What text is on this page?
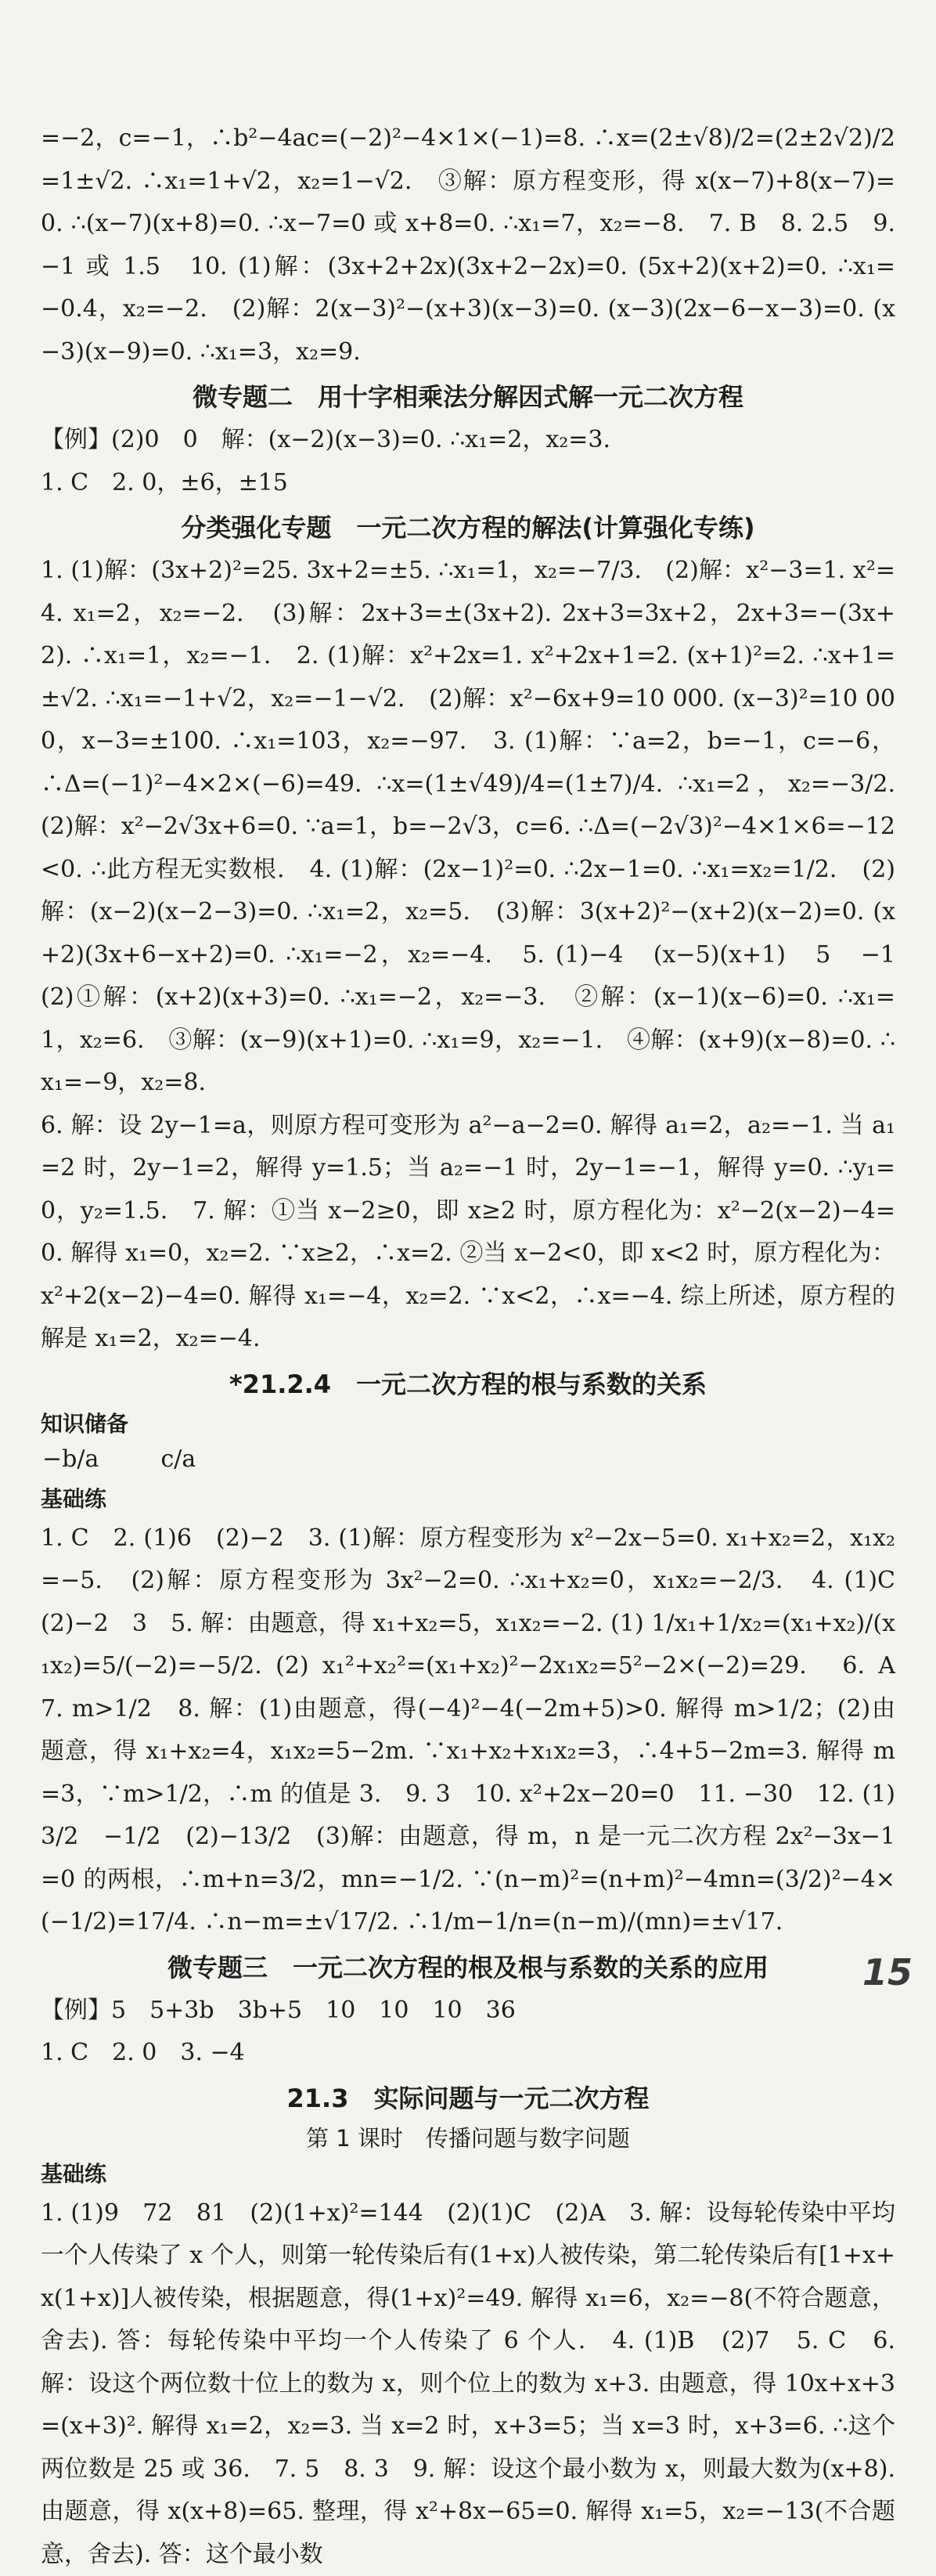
=−2，c=−1，∴b²−4ac=(−2)²−4×1×(−1)=8. ∴x=(2±√8)/2=(2±2√2)/2=1±√2. ∴x₁=1+√2，x₂=1−√2.　③解：原方程变形，得 x(x−7)+8(x−7)=0. ∴(x−7)(x+8)=0. ∴x−7=0 或 x+8=0. ∴x₁=7，x₂=−8.　7. B　8. 2.5　9. −1 或 1.5　10. (1)解：(3x+2+2x)(3x+2−2x)=0. (5x+2)(x+2)=0. ∴x₁=−0.4，x₂=−2.　(2)解：2(x−3)²−(x+3)(x−3)=0. (x−3)(2x−6−x−3)=0. (x−3)(x−9)=0. ∴x₁=3，x₂=9.

微专题二　用十字相乘法分解因式解一元二次方程

【例】(2)0　0　解：(x−2)(x−3)=0. ∴x₁=2，x₂=3.

1. C　2. 0，±6，±15

分类强化专题　一元二次方程的解法(计算强化专练)

1. (1)解：(3x+2)²=25. 3x+2=±5. ∴x₁=1，x₂=−7/3.　(2)解：x²−3=1. x²=4. x₁=2，x₂=−2.　(3)解：2x+3=±(3x+2). 2x+3=3x+2，2x+3=−(3x+2). ∴x₁=1，x₂=−1.　2. (1)解：x²+2x=1. x²+2x+1=2. (x+1)²=2. ∴x+1=±√2. ∴x₁=−1+√2，x₂=−1−√2.　(2)解：x²−6x+9=10 000. (x−3)²=10 000，x−3=±100. ∴x₁=103，x₂=−97.　3. (1)解：∵a=2，b=−1，c=−6，∴Δ=(−1)²−4×2×(−6)=49. ∴x=(1±√49)/4=(1±7)/4. ∴x₁=2，x₂=−3/2.　(2)解：x²−2√3x+6=0. ∵a=1，b=−2√3，c=6. ∴Δ=(−2√3)²−4×1×6=−12<0. ∴此方程无实数根.　4. (1)解：(2x−1)²=0. ∴2x−1=0. ∴x₁=x₂=1/2.　(2)解：(x−2)(x−2−3)=0. ∴x₁=2，x₂=5.　(3)解：3(x+2)²−(x+2)(x−2)=0. (x+2)(3x+6−x+2)=0. ∴x₁=−2，x₂=−4.　5. (1)−4　(x−5)(x+1)　5　−1　(2)①解：(x+2)(x+3)=0. ∴x₁=−2，x₂=−3.　②解：(x−1)(x−6)=0. ∴x₁=1，x₂=6.　③解：(x−9)(x+1)=0. ∴x₁=9，x₂=−1.　④解：(x+9)(x−8)=0. ∴x₁=−9，x₂=8.

6. 解：设 2y−1=a，则原方程可变形为 a²−a−2=0. 解得 a₁=2，a₂=−1. 当 a₁=2 时，2y−1=2，解得 y=1.5；当 a₂=−1 时，2y−1=−1，解得 y=0. ∴y₁=0，y₂=1.5.　7. 解：①当 x−2≥0，即 x≥2 时，原方程化为：x²−2(x−2)−4=0. 解得 x₁=0，x₂=2. ∵x≥2，∴x=2. ②当 x−2<0，即 x<2 时，原方程化为：x²+2(x−2)−4=0. 解得 x₁=−4，x₂=2. ∵x<2，∴x=−4. 综上所述，原方程的解是 x₁=2，x₂=−4.

*21.2.4　一元二次方程的根与系数的关系
知识储备
−b/a 　　	c/a
基础练

1. C　2. (1)6　(2)−2　3. (1)解：原方程变形为 x²−2x−5=0. x₁+x₂=2，x₁x₂=−5.　(2)解：原方程变形为 3x²−2=0. ∴x₁+x₂=0，x₁x₂=−2/3.　4. (1)C　(2)−2　3　5. 解：由题意，得 x₁+x₂=5，x₁x₂=−2. (1) 1/x₁+1/x₂=(x₁+x₂)/(x₁x₂)=5/(−2)=−5/2. (2) x₁²+x₂²=(x₁+x₂)²−2x₁x₂=5²−2×(−2)=29.　6. A　7. m>1/2　8. 解：(1)由题意，得(−4)²−4(−2m+5)>0. 解得 m>1/2；(2)由题意，得 x₁+x₂=4，x₁x₂=5−2m. ∵x₁+x₂+x₁x₂=3，∴4+5−2m=3. 解得 m=3，∵m>1/2，∴m 的值是 3.　9. 3　10. x²+2x−20=0　11. −30　12. (1)3/2　−1/2　(2)−13/2　(3)解：由题意，得 m，n 是一元二次方程 2x²−3x−1=0 的两根，∴m+n=3/2，mn=−1/2. ∵(n−m)²=(n+m)²−4mn=(3/2)²−4×(−1/2)=17/4. ∴n−m=±√17/2. ∴1/m−1/n=(n−m)/(mn)=±√17.

微专题三　一元二次方程的根及根与系数的关系的应用

【例】5　5+3b　3b+5　10　10　10　36

1. C　2. 0　3. −4

21.3　实际问题与一元二次方程
第 1 课时　传播问题与数字问题
基础练

1. (1)9　72　81　(2)(1+x)²=144　(2)(1)C　(2)A　3. 解：设每轮传染中平均一个人传染了 x 个人，则第一轮传染后有(1+x)人被传染，第二轮传染后有[1+x+x(1+x)]人被传染，根据题意，得(1+x)²=49. 解得 x₁=6，x₂=−8(不符合题意，舍去). 答：每轮传染中平均一个人传染了 6 个人.　4. (1)B　(2)7　5. C　6. 解：设这个两位数十位上的数为 x，则个位上的数为 x+3. 由题意，得 10x+x+3=(x+3)². 解得 x₁=2，x₂=3. 当 x=2 时，x+3=5；当 x=3 时，x+3=6. ∴这个两位数是 25 或 36.　7. 5　8. 3　9. 解：设这个最小数为 x，则最大数为(x+8). 由题意，得 x(x+8)=65. 整理，得 x²+8x−65=0. 解得 x₁=5，x₂=−13(不合题意，舍去). 答：这个最小数

15
